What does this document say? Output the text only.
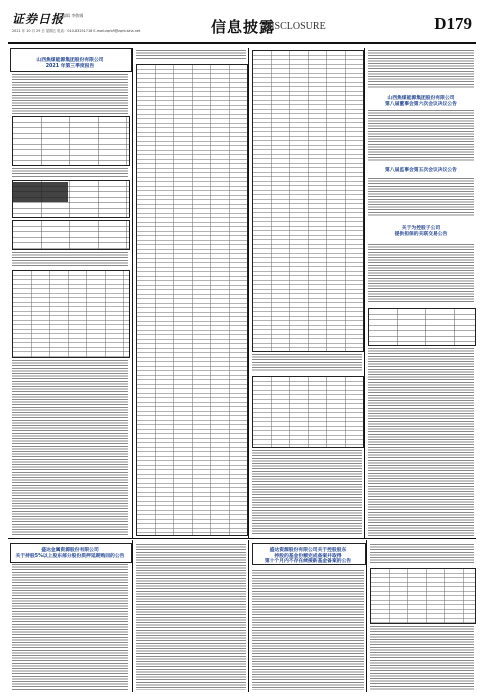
证券日报
编辑 李敬娜
2021 年 10 月 29 日 星期五 电话：010-83251716 E-mail:zqrb9@zqrb.sina.net	信息披露
DISCLOSURE	D179
山西焦煤能源集团股份有限公司
2021 年第三季度报告
山西焦煤能源集团股份有限公司
第八届董事会第六次会议决议公告
第八届监事会第五次会议决议公告
关于为控股子公司
提供担保的关联交易公告
盛达金属资源股份有限公司
关于持股5%以上股东部分股份质押延期购回的公告
盛达资源股份有限公司关于控股股东
持股的基金份额完成备案并取得
第十个月内不存在续接新基金备案的公告
